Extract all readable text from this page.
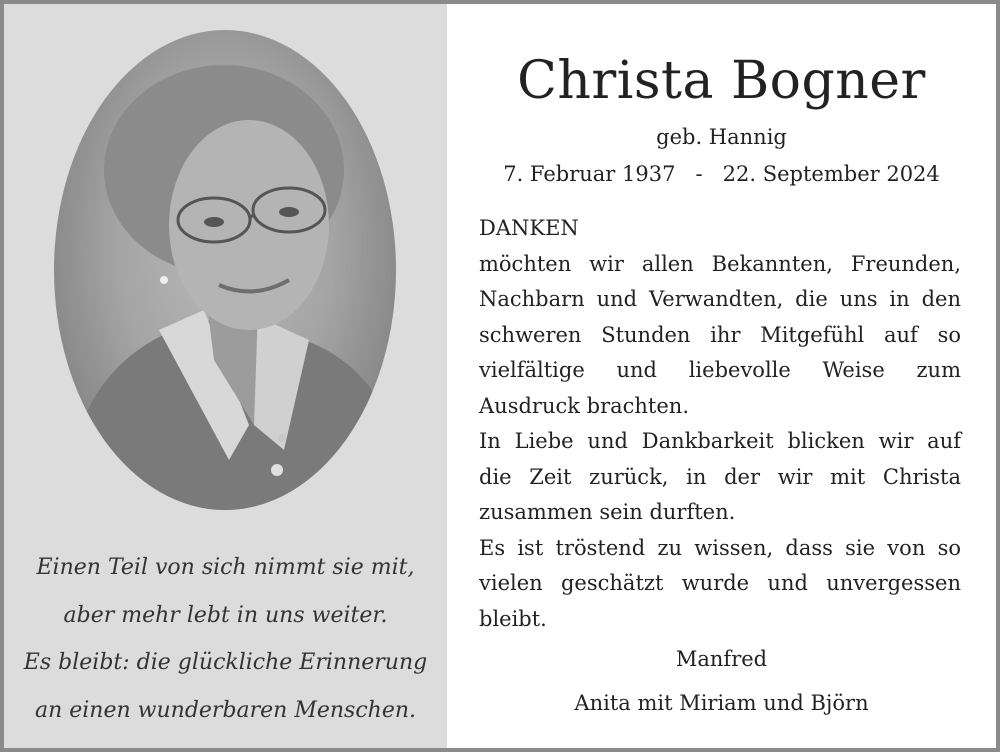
Einen Teil von sich nimmt sie mit,
aber mehr lebt in uns weiter.
Es bleibt: die glückliche Erinnerung
an einen wunderbaren Menschen.
Christa Bogner
geb. Hannig
7. Februar 1937 - 22. September 2024
DANKEN
möchten wir allen Bekannten, Freunden,
Nachbarn und Verwandten, die uns in den
schweren Stunden ihr Mitgefühl auf so
vielfältige und liebevolle Weise zum
Ausdruck brachten.
In Liebe und Dankbarkeit blicken wir auf
die Zeit zurück, in der wir mit Christa
zusammen sein durften.
Es ist tröstend zu wissen, dass sie von so
vielen geschätzt wurde und unvergessen
bleibt.
Manfred
Anita mit Miriam und Björn
